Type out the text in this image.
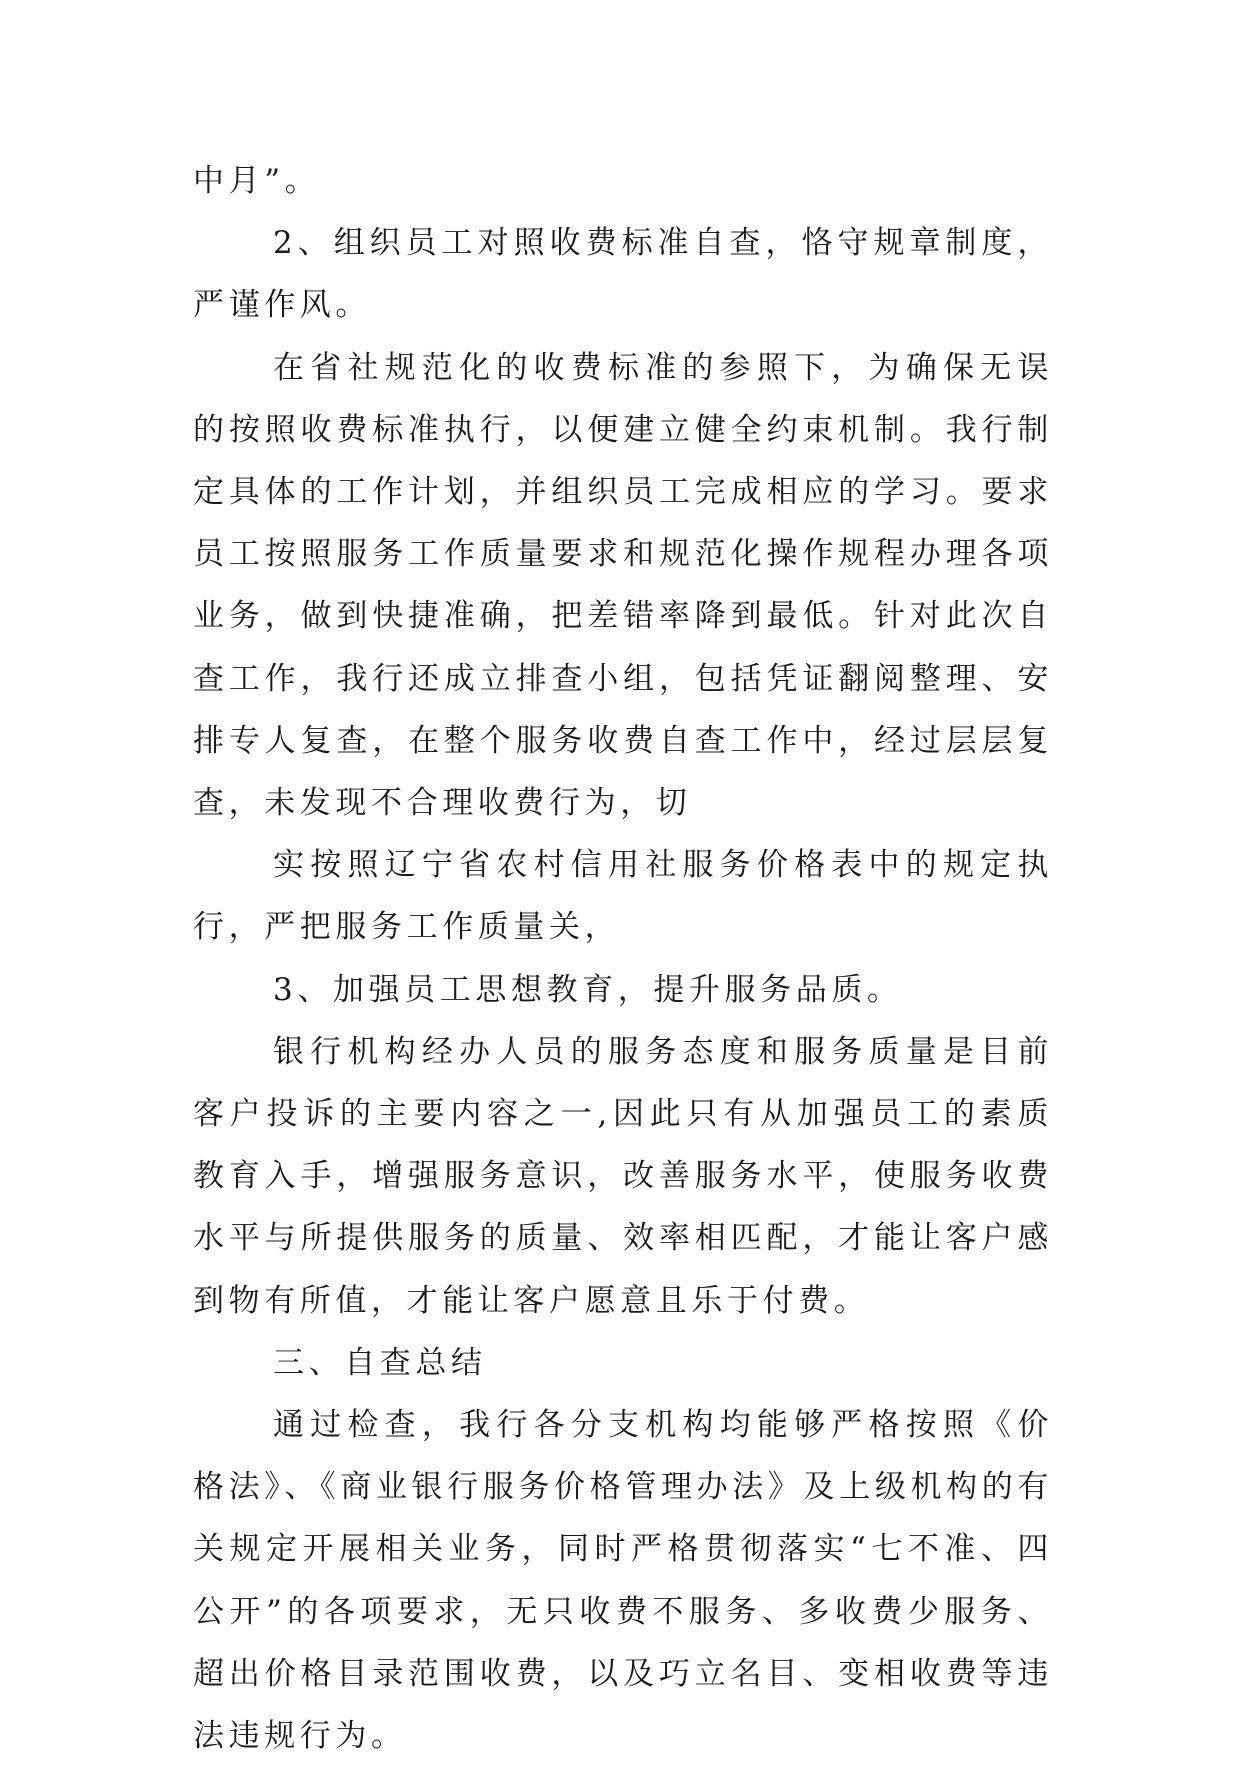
中月”。

2、组织员工对照收费标准自查，恪守规章制度，严谨作风。

在省社规范化的收费标准的参照下，为确保无误的按照收费标准执行，以便建立健全约束机制。我行制定具体的工作计划，并组织员工完成相应的学习。要求员工按照服务工作质量要求和规范化操作规程办理各项业务，做到快捷准确，把差错率降到最低。针对此次自查工作，我行还成立排查小组，包括凭证翻阅整理、安排专人复查，在整个服务收费自查工作中，经过层层复查，未发现不合理收费行为，切

实按照辽宁省农村信用社服务价格表中的规定执行，严把服务工作质量关，

3、加强员工思想教育，提升服务品质。

银行机构经办人员的服务态度和服务质量是目前客户投诉的主要内容之一,因此只有从加强员工的素质教育入手，增强服务意识，改善服务水平，使服务收费水平与所提供服务的质量、效率相匹配，才能让客户感到物有所值，才能让客户愿意且乐于付费。

三、自查总结

通过检查，我行各分支机构均能够严格按照《价格法》、《商业银行服务价格管理办法》及上级机构的有关规定开展相关业务，同时严格贯彻落实“七不准、四公开”的各项要求，无只收费不服务、多收费少服务、超出价格目录范围收费，以及巧立名目、变相收费等违法违规行为。
